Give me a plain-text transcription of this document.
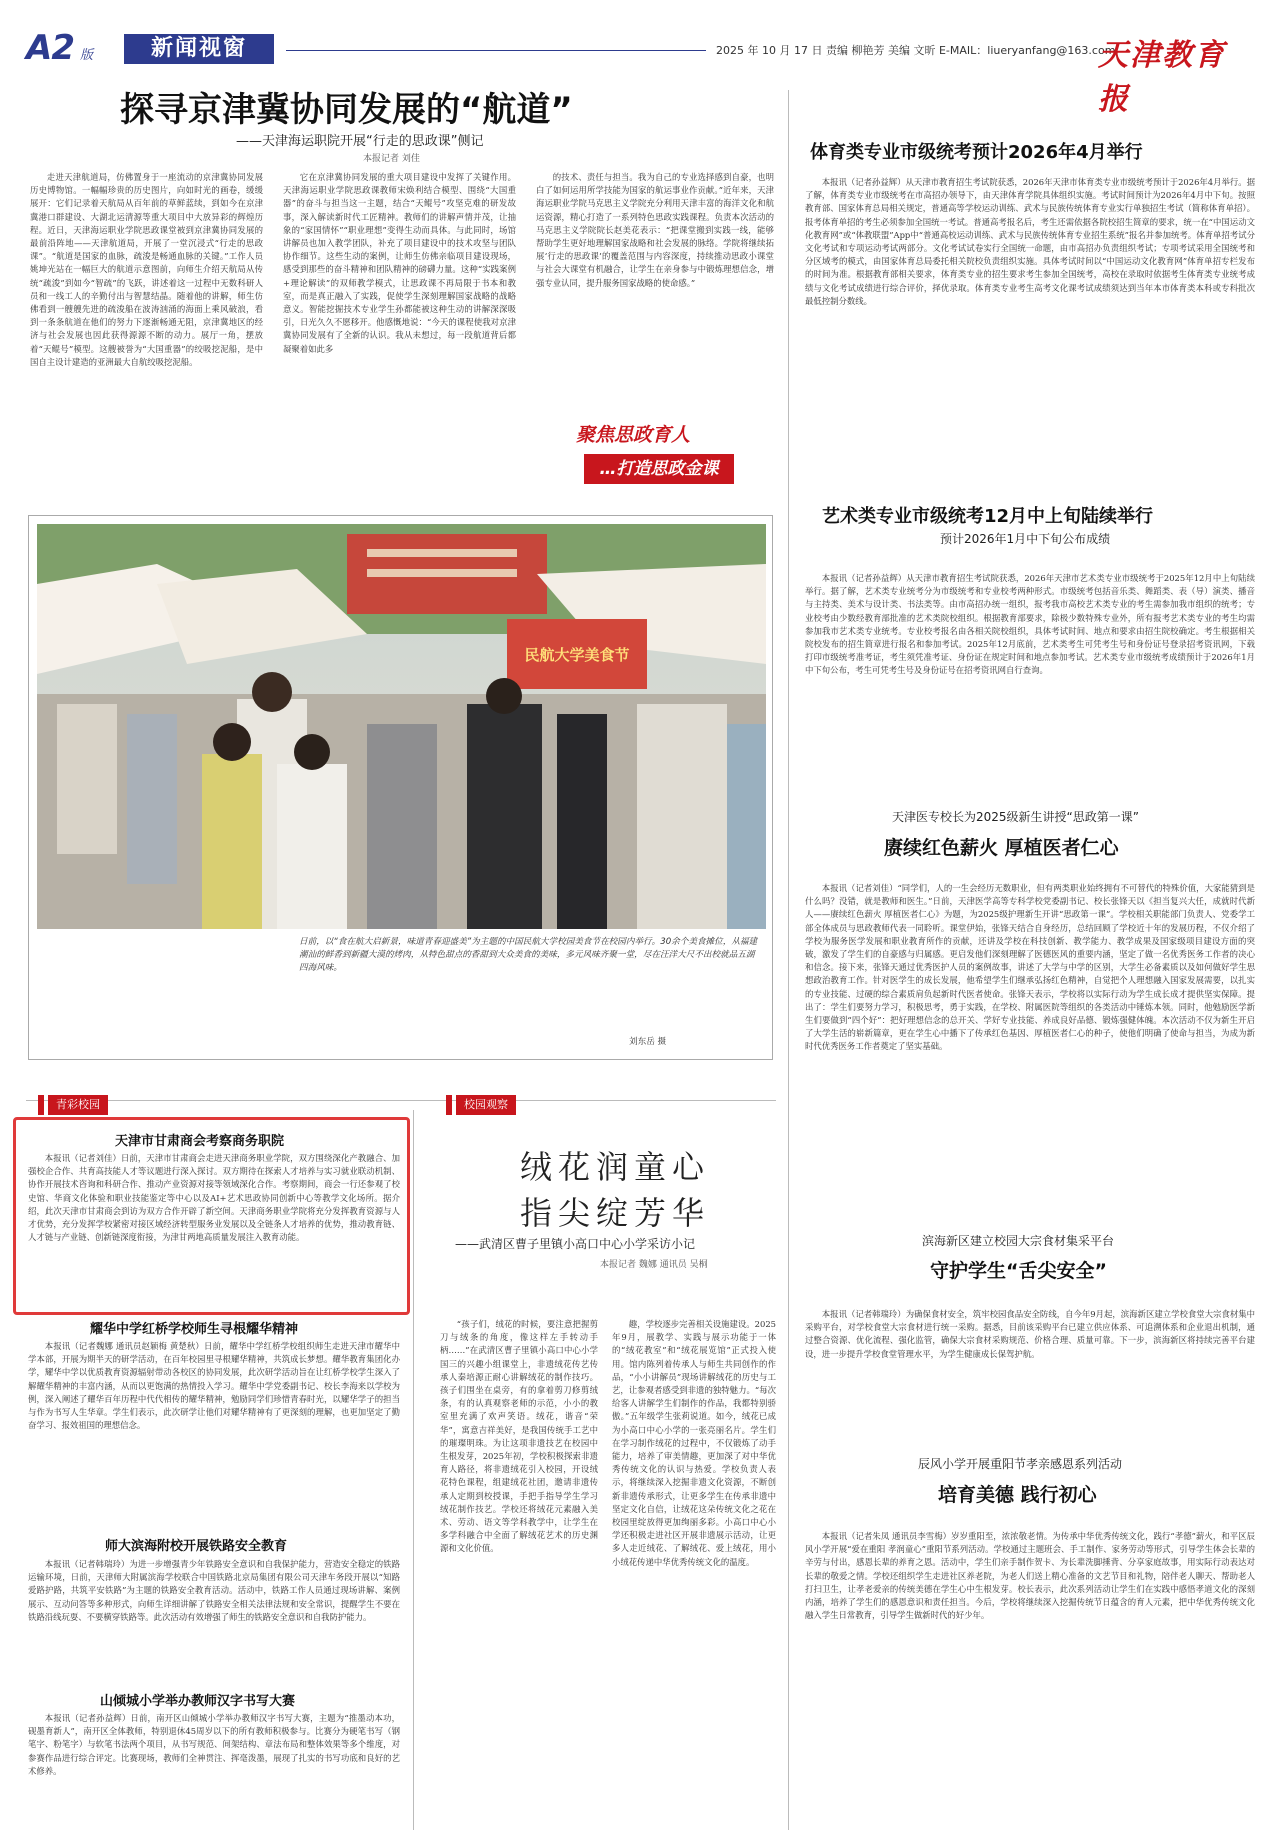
A2 版	新闻视窗	2025 年 10 月 17 日 责编 柳艳芳 美编 文昕 E-MAIL：liueryanfang@163.com
天津教育报
探寻京津冀协同发展的“航道”
——天津海运职院开展“行走的思政课”侧记
本报记者 刘佳

走进天津航道局，仿佛置身于一座流动的京津冀协同发展历史博物馆。一幅幅珍贵的历史图片，向如时光的画卷，缓缓展开：它们记录着天航局从百年前的草鲜蓝续，到如今在京津冀港口群建设、大湖北运清源等重大项目中大放异彩的辉煌历程。近日，天津海运职业学院思政课堂被到京津冀协同发展的最前沿阵地——天津航道局，开展了一堂沉浸式“行走的思政课”。“航道是国家的血脉，疏浚是畅通血脉的关键。”工作人员姚坤光站在一幅巨大的航道示意图前，向师生介绍天航局从传统“疏浚”到如今“智疏”的飞跃，讲述着这一过程中无数科研人员和一线工人的辛勤付出与智慧结晶。随着他的讲解，师生仿佛看到一艘艘先进的疏浚船在波涛汹涌的海面上乘风破浪，看到一条条航道在他们的努力下逐渐畅通无阻，京津冀地区的经济与社会发展也因此获得源源不断的动力。展厅一角，摆放着“天鲲号”模型。这艘被誉为“大国重器”的绞吸挖泥船，是中国自主设计建造的亚洲最大自航绞吸挖泥船。

它在京津冀协同发展的重大项目建设中发挥了关键作用。天津海运职业学院思政课教师宋焕利结合模型、围绕“大国重器”的奋斗与担当这一主题，结合“天鲲号”攻坚克难的研发故事，深入解读新时代工匠精神。教师们的讲解声情并茂，让抽象的“家国情怀”“职业理想”变得生动而具体。与此同时，场馆讲解员也加入教学团队，补充了项目建设中的技术攻坚与团队协作细节。这些生动的案例，让师生仿佛亲临项目建设现场，感受到那些的奋斗精神和团队精神的磅礴力量。这种“实践案例+理论解读”的双师教学模式，让思政课不再局限于书本和教室，而是真正融入了实践，促使学生深刻理解国家战略的战略意义。智能挖掘技术专业学生孙都能被这种生动的讲解深深吸引，日光久久不愿移开。他感慨地说：“今天的课程使我对京津冀协同发展有了全新的认识。我从未想过，每一段航道背后都凝聚着如此多

的技术、责任与担当。我为自己的专业选择感到自豪，也明白了如何运用所学技能为国家的航运事业作贡献。”近年来，天津海运职业学院马克思主义学院充分利用天津丰富的海洋文化和航运资源，精心打造了一系列特色思政实践课程。负责本次活动的马克思主义学院院长赵美花表示：“把课堂搬到实践一线，能够帮助学生更好地理解国家战略和社会发展的脉络。学院将继续拓展‘行走的思政课’的覆盖范围与内容深度，持续推动思政小课堂与社会大课堂有机融合，让学生在亲身参与中锻炼理想信念，增强专业认同，提升服务国家战略的使命感。”

聚焦思政育人
…打造思政金课
民航大学美食节
日前，以“食在航大启新景，味道青春迎盛美”为主题的中国民航大学校园美食节在校园内举行。30余个美食摊位，从福建潮汕的鲜香到新疆大漠的烤肉，从特色甜点的香甜到大众美食的美味，多元风味齐聚一堂，尽在汪洋大尺不出校就品五湖四海风味。
刘东岳 摄
体育类专业市级统考预计2026年4月举行

本报讯（记者孙益辉）从天津市教育招生考试院获悉，2026年天津市体育类专业市级统考预计于2026年4月举行。据了解，体育类专业市级统考在市高招办领导下，由天津体育学院具体组织实施。考试时间预计为2026年4月中下旬。按照教育部、国家体育总局相关规定，普通高等学校运动训练、武术与民族传统体育专业实行单独招生考试（简称体育单招）。报考体育单招的考生必须参加全国统一考试。普通高考报名后，考生还需依据各院校招生简章的要求，统一在“中国运动文化教育网”或“体教联盟”App中“普通高校运动训练、武术与民族传统体育专业招生系统”报名并参加统考。体育单招考试分文化考试和专项运动考试两部分。文化考试试卷实行全国统一命题，由市高招办负责组织考试；专项考试采用全国统考和分区域考的模式，由国家体育总局委托相关院校负责组织实施。具体考试时间以“中国运动文化教育网”体育单招专栏发布的时间为准。根据教育部相关要求，体育类专业的招生要求考生参加全国统考，高校在录取时依据考生体育类专业统考成绩与文化考试成绩进行综合评价，择优录取。体育类专业考生高考文化课考试成绩须达到当年本市体育类本科或专科批次最低控制分数线。

艺术类专业市级统考12月中上旬陆续举行
预计2026年1月中下旬公布成绩

本报讯（记者孙益辉）从天津市教育招生考试院获悉，2026年天津市艺术类专业市级统考于2025年12月中上旬陆续举行。据了解，艺术类专业统考分为市级统考和专业校考两种形式。市级统考包括音乐类、舞蹈类、表（导）演类、播音与主持类、美术与设计类、书法类等。由市高招办统一组织，报考我市高校艺术类专业的考生需参加我市组织的统考；专业校考由少数经教育部批准的艺术类院校组织。根据教育部要求，除极少数特殊专业外，所有报考艺术类专业的考生均需参加我市艺术类专业统考。专业校考报名由各相关院校组织，具体考试时间、地点和要求由招生院校确定。考生根据相关院校发布的招生简章进行报名和参加考试。2025年12月底前，艺术类考生可凭考生号和身份证号登录招考资讯网，下载打印市级统考准考证，考生须凭准考证、身份证在规定时间和地点参加考试。艺术类专业市级统考成绩预计于2026年1月中下旬公布，考生可凭考生号及身份证号在招考资讯网自行查询。

天津医专校长为2025级新生讲授“思政第一课”
赓续红色薪火 厚植医者仁心

本报讯（记者刘佳）“同学们，人的一生会经历无数职业，但有两类职业始终拥有不可替代的特殊价值，大家能猜到是什么吗？没错，就是教师和医生。”日前，天津医学高等专科学校党委副书记、校长张锋天以《担当复兴大任，成就时代新人——赓续红色薪火 厚植医者仁心》为题，为2025级护理新生开讲“思政第一课”。学校相关职能部门负责人、党委学工部全体成员与思政教师代表一同聆听。课堂伊始，张锋天结合自身经历，总结回顾了学校近十年的发展历程，不仅介绍了学校为服务医学发展和职业教育所作的贡献，还讲及学校在科技创新、教学能力、教学成果及国家级项目建设方面的突破，激发了学生们的自豪感与归属感。更启发他们深刻理解了医德医风的重要内涵，坚定了做一名优秀医务工作者的决心和信念。接下来，张锋天通过优秀医护人员的案例故事，讲述了大学与中学的区别，大学生必备素质以及如何做好学生思想政治教育工作。针对医学生的成长发展，他希望学生们继承弘扬红色精神，自觉把个人理想融入国家发展需要，以扎实的专业技能、过硬的综合素质肩负起新时代医者使命。张锋天表示，学校将以实际行动为学生成长成才提供坚实保障。提出了：学生们要努力学习，积极思考，勇于实践，在学校、附属医院等组织的各类活动中锤炼本领。同时，他勉励医学新生们要做到“四个好”：把好理想信念的总开关、学好专业技能、养成良好品德、锻炼强健体魄。本次活动不仅为新生开启了大学生活的崭新篇章，更在学生心中播下了传承红色基因、厚植医者仁心的种子，使他们明确了使命与担当，为成为新时代优秀医务工作者奠定了坚实基础。

滨海新区建立校园大宗食材集采平台
守护学生“舌尖安全”

本报讯（记者韩瑞玲）为确保食材安全，筑牢校园食品安全防线，自今年9月起，滨海新区建立学校食堂大宗食材集中采购平台，对学校食堂大宗食材进行统一采购。据悉，目前该采购平台已建立供应体系、可追溯体系和企业退出机制，通过整合资源、优化流程、强化监管，确保大宗食材采购规范、价格合理、质量可靠。下一步，滨海新区将持续完善平台建设，进一步提升学校食堂管理水平，为学生健康成长保驾护航。

辰风小学开展重阳节孝亲感恩系列活动
培育美德 践行初心

本报讯（记者朱凤 通讯员李雪梅）岁岁重阳至，浓浓敬老情。为传承中华优秀传统文化，践行“孝德”薪火，和平区辰风小学开展“爱在重阳 孝润童心”重阳节系列活动。学校通过主题班会、手工制作、家务劳动等形式，引导学生体会长辈的辛劳与付出，感恩长辈的养育之恩。活动中，学生们亲手制作贺卡、为长辈洗脚捶背、分享家庭故事，用实际行动表达对长辈的敬爱之情。学校还组织学生走进社区养老院，为老人们送上精心准备的文艺节目和礼物，陪伴老人聊天、帮助老人打扫卫生，让孝老爱亲的传统美德在学生心中生根发芽。校长表示，此次系列活动让学生们在实践中感悟孝道文化的深刻内涵，培养了学生们的感恩意识和责任担当。今后，学校将继续深入挖掘传统节日蕴含的育人元素，把中华优秀传统文化融入学生日常教育，引导学生做新时代的好少年。

青彩校园
天津市甘肃商会考察商务职院

本报讯（记者刘佳）日前，天津市甘肃商会走进天津商务职业学院，双方围绕深化产教融合、加强校企合作、共育高技能人才等议题进行深入探讨。双方期待在探索人才培养与实习就业联动机制、协作开展技术咨询和科研合作、推动产业资源对接等领域深化合作。考察期间，商会一行还参观了校史馆、华商文化体验和职业技能鉴定等中心以及AI+艺术思政协同创新中心等教学文化场所。据介绍，此次天津市甘肃商会到访为双方合作开辟了新空间。天津商务职业学院将充分发挥教育资源与人才优势，充分发挥学校紧密对接区域经济转型服务业发展以及全链条人才培养的优势，推动教育链、人才链与产业链、创新链深度衔接，为津甘两地高质量发展注入教育动能。

耀华中学红桥学校师生寻根耀华精神

本报讯（记者魏娜 通讯员赵颖梅 黄楚秋）日前，耀华中学红桥学校组织师生走进天津市耀华中学本部，开展为期半天的研学活动，在百年校园里寻根耀华精神，共筑成长梦想。耀华教育集团化办学，耀华中学以优质教育资源辐射带动各校区的协同发展，此次研学活动旨在让红桥学校学生深入了解耀华精神的丰富内涵，从而以更饱满的热情投入学习。耀华中学党委副书记、校长李海来以学校为例，深入阐述了耀华百年历程中代代相传的耀华精神，勉励同学们珍惜青春时光，以耀华学子的担当与作为书写人生华章。学生们表示，此次研学让他们对耀华精神有了更深刻的理解，也更加坚定了勤奋学习、报效祖国的理想信念。

师大滨海附校开展铁路安全教育

本报讯（记者韩瑞玲）为进一步增强青少年铁路安全意识和自我保护能力，营造安全稳定的铁路运输环境，日前，天津师大附属滨海学校联合中国铁路北京局集团有限公司天津车务段开展以“知路爱路护路，共筑平安铁路”为主题的铁路安全教育活动。活动中，铁路工作人员通过现场讲解、案例展示、互动问答等多种形式，向师生详细讲解了铁路安全相关法律法规和安全常识，提醒学生不要在铁路沿线玩耍、不要横穿铁路等。此次活动有效增强了师生的铁路安全意识和自我防护能力。

山倾城小学举办教师汉字书写大赛

本报讯（记者孙益辉）日前，南开区山倾城小学举办教师汉字书写大赛，主题为“推墨动本功，砚墨育新人”，南开区全体教师，特别退休45周岁以下的所有教师积极参与。比赛分为硬笔书写（钢笔字、粉笔字）与软笔书法两个项目，从书写规范、间架结构、章法布局和整体效果等多个维度，对参赛作品进行综合评定。比赛现场，教师们全神贯注、挥毫泼墨，展现了扎实的书写功底和良好的艺术修养。

校园观察
绒花润童心
指尖绽芳华
——武清区曹子里镇小高口中心小学采访小记
本报记者 魏娜 通讯员 吴桐

“孩子们，绒花的时候，要注意把握剪刀与绒条的角度，像这样左手转动手柄……”在武清区曹子里镇小高口中心小学国三的兴趣小组课堂上，非遗绒花传艺传承人秦培源正耐心讲解绒花的制作技巧。孩子们围坐在桌旁，有的拿着剪刀修剪绒条，有的认真观察老师的示范，小小的教室里充满了欢声笑语。绒花，谐音“荣华”，寓意吉祥美好，是我国传统手工艺中的璀璨明珠。为让这项非遗技艺在校园中生根发芽，2025年初，学校积极探索非遗育人路径，将非遗绒花引入校园，开设绒花特色课程，组建绒花社团，邀请非遗传承人定期到校授课，手把手指导学生学习绒花制作技艺。学校还将绒花元素融入美术、劳动、语文等学科教学中，让学生在多学科融合中全面了解绒花艺术的历史渊源和文化价值。

趣，学校逐步完善相关设施建设。2025年9月，展教学、实践与展示功能于一体的“绒花教室”和“绒花展览馆”正式投入使用。馆内陈列着传承人与师生共同创作的作品，“小小讲解员”现场讲解绒花的历史与工艺，让参观者感受到非遗的独特魅力。“每次给客人讲解学生们制作的作品，我都特别骄傲。”五年级学生张莉说道。如今，绒花已成为小高口中心小学的一张亮丽名片。学生们在学习制作绒花的过程中，不仅锻炼了动手能力，培养了审美情趣，更加深了对中华优秀传统文化的认识与热爱。学校负责人表示，将继续深入挖掘非遗文化资源，不断创新非遗传承形式，让更多学生在传承非遗中坚定文化自信，让绒花这朵传统文化之花在校园里绽放得更加绚丽多彩。小高口中心小学还积极走进社区开展非遗展示活动，让更多人走近绒花、了解绒花、爱上绒花，用小小绒花传递中华优秀传统文化的温度。
